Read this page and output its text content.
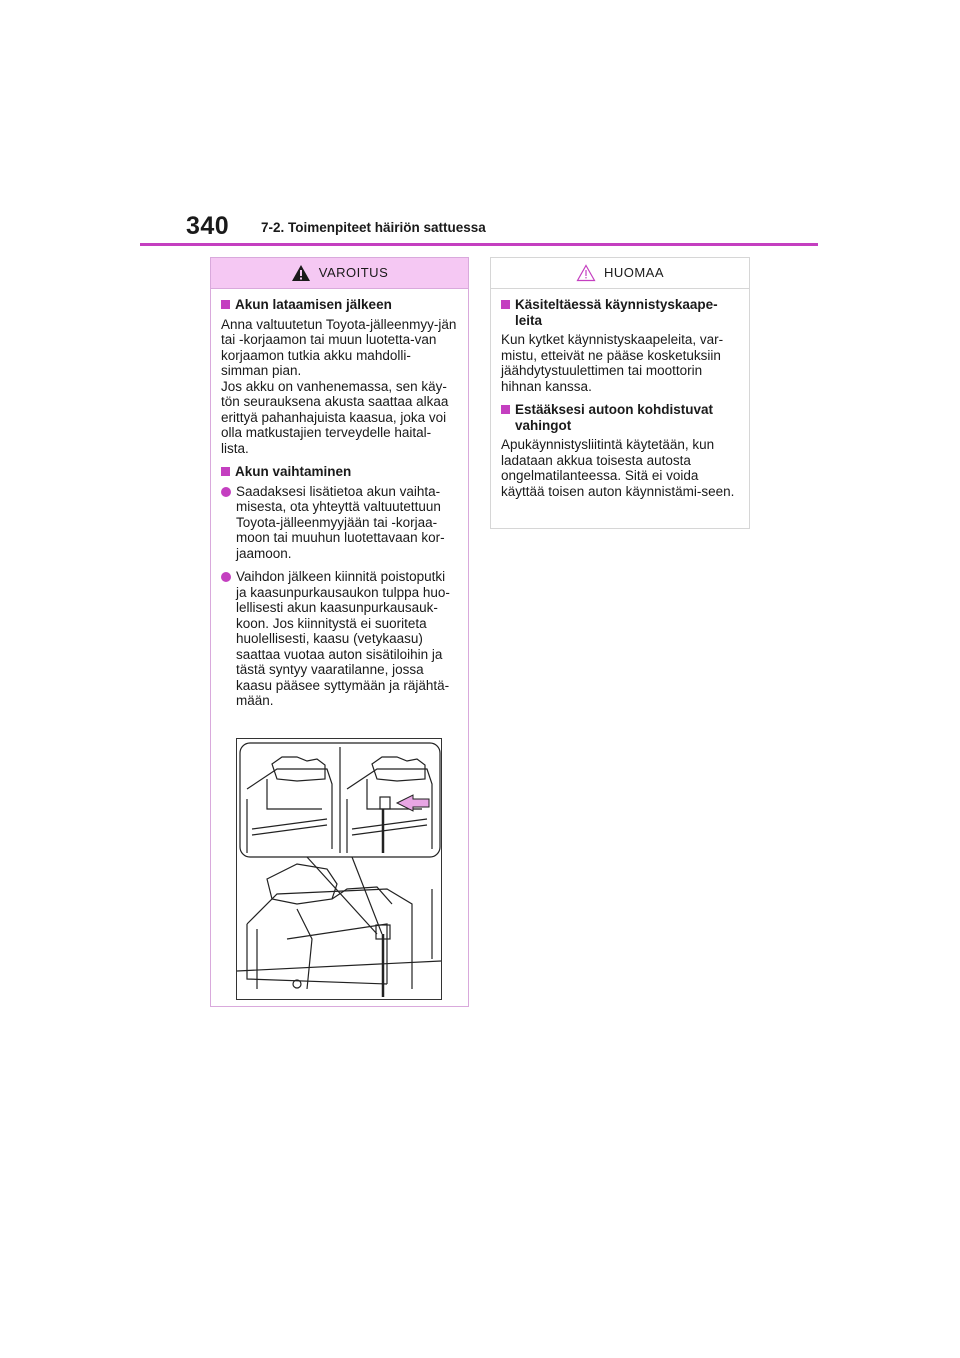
340 7-2. Toimenpiteet häiriön sattuessa
VAROITUS
Akun lataamisen jälkeen
Anna valtuutetun Toyota-jälleenmyy-jän tai -korjaamon tai muun luotetta-van korjaamon tutkia akku mahdolli-simman pian.
Jos akku on vanhenemassa, sen käy-tön seurauksena akusta saattaa alkaa erittyä pahanhajuista kaasua, joka voi olla matkustajien terveydelle haital-lista.
Akun vaihtaminen
Saadaksesi lisätietoa akun vaihta-misesta, ota yhteyttä valtuutettuun Toyota-jälleenmyyjään tai -korjaa-moon tai muuhun luotettavaan kor-jaamoon.
Vaihdon jälkeen kiinnitä poistoputki ja kaasunpurkausaukon tulppa huo-lellisesti akun kaasunpurkausauk-koon. Jos kiinnitystä ei suoriteta huolellisesti, kaasu (vetykaasu) saattaa vuotaa auton sisätiloihin ja tästä syntyy vaaratilanne, jossa kaasu pääsee syttymään ja räjähtä-mään.
HUOMAA
Käsiteltäessä käynnistyskaape-leita
Kun kytket käynnistyskaapeleita, var-mistu, etteivät ne pääse kosketuksiin jäähdytystuulettimen tai moottorin hihnan kanssa.
Estääksesi autoon kohdistuvat vahingot
Apukäynnistysliitintä käytetään, kun ladataan akkua toisesta autosta ongelmatilanteessa. Sitä ei voida käyttää toisen auton käynnistämi-seen.
